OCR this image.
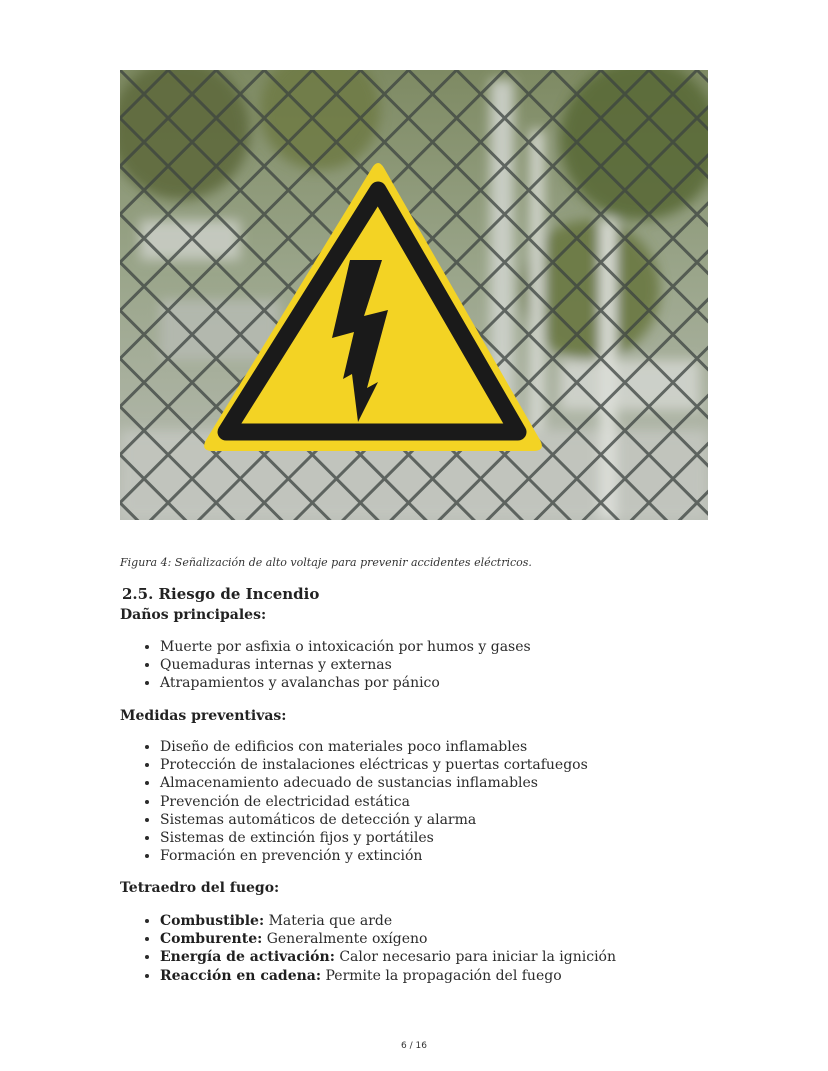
Figura 4: Señalización de alto voltaje para prevenir accidentes eléctricos.
2.5. Riesgo de Incendio
Daños principales:
• Muerte por asfixia o intoxicación por humos y gases
• Quemaduras internas y externas
• Atrapamientos y avalanchas por pánico
Medidas preventivas:
• Diseño de edificios con materiales poco inflamables
• Protección de instalaciones eléctricas y puertas cortafuegos
• Almacenamiento adecuado de sustancias inflamables
• Prevención de electricidad estática
• Sistemas automáticos de detección y alarma
• Sistemas de extinción fijos y portátiles
• Formación en prevención y extinción
Tetraedro del fuego:
• Combustible: Materia que arde
• Comburente: Generalmente oxígeno
• Energía de activación: Calor necesario para iniciar la ignición
• Reacción en cadena: Permite la propagación del fuego
6 / 16
